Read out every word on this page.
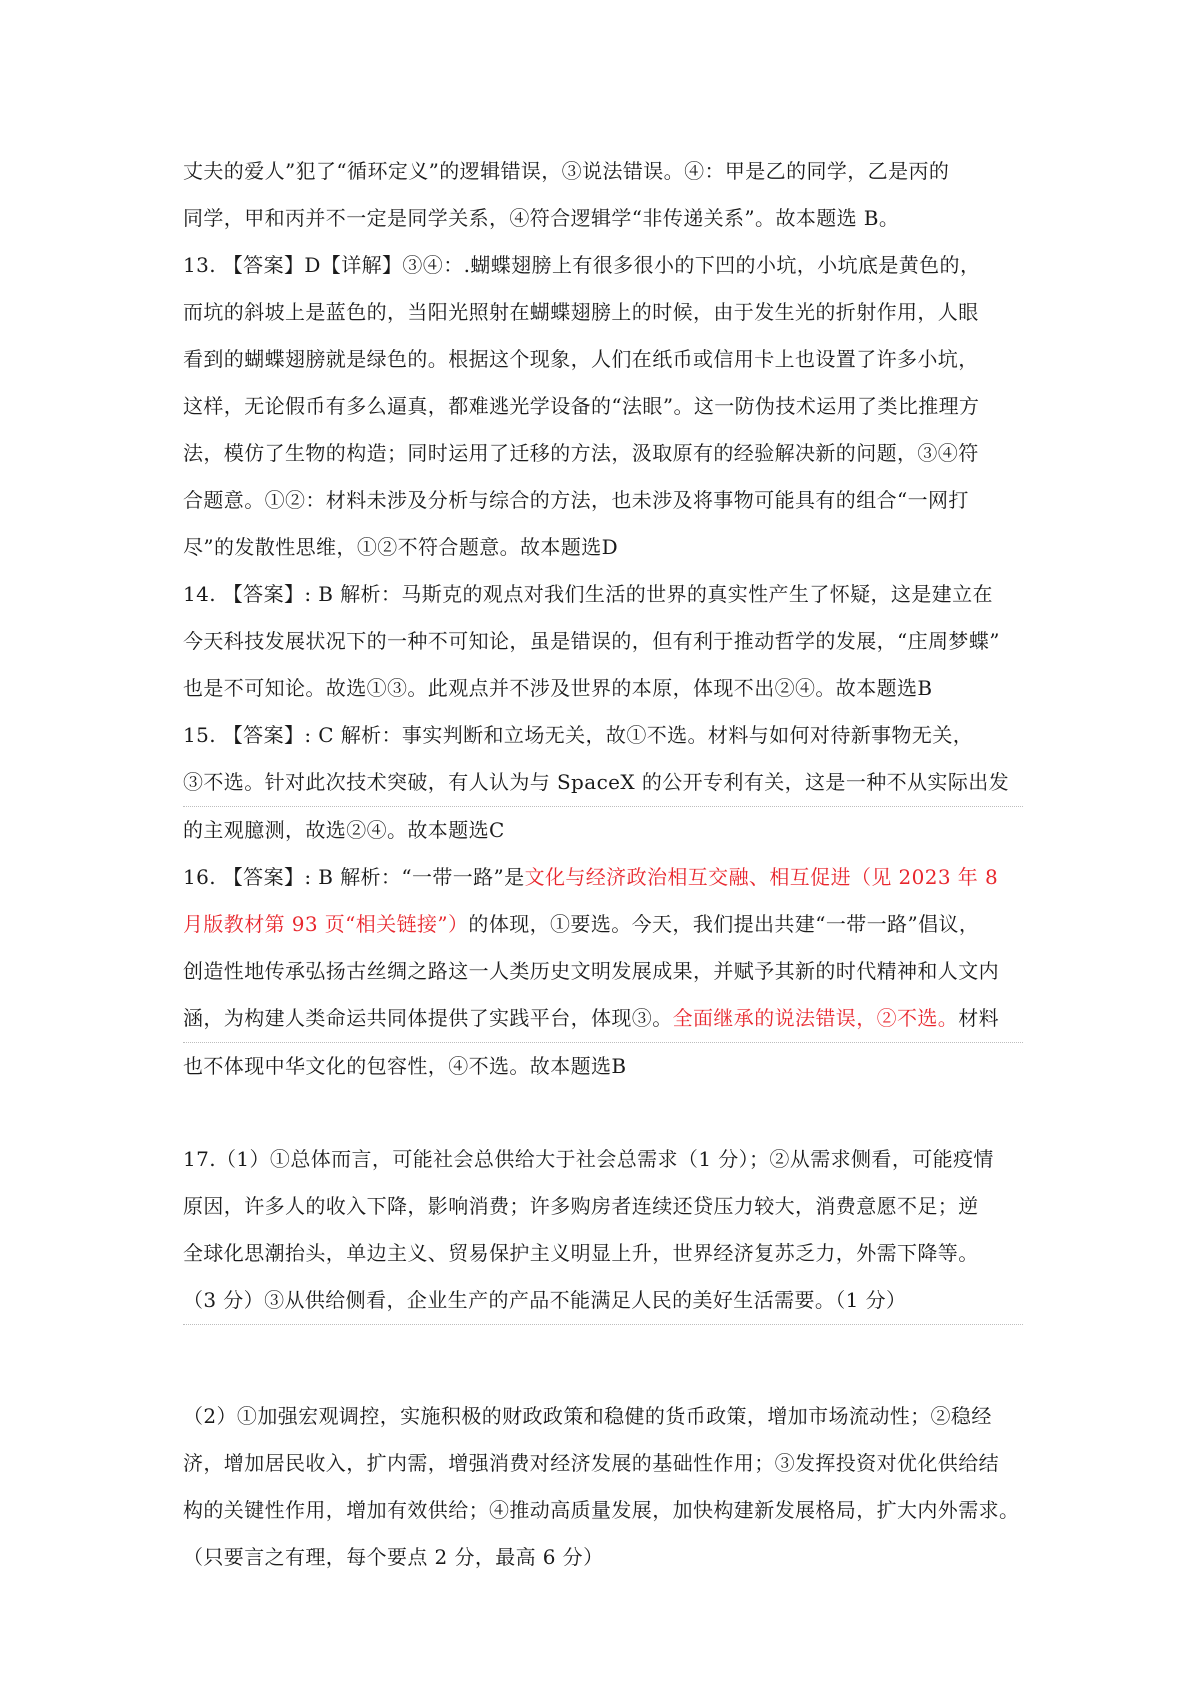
丈夫的爱人”犯了“循环定义”的逻辑错误，③说法错误。④：甲是乙的同学，乙是丙的
同学，甲和丙并不一定是同学关系，④符合逻辑学“非传递关系”。故本题选 B。
13. 【答案】D【详解】③④：.蝴蝶翅膀上有很多很小的下凹的小坑，小坑底是黄色的，
而坑的斜坡上是蓝色的，当阳光照射在蝴蝶翅膀上的时候，由于发生光的折射作用，人眼
看到的蝴蝶翅膀就是绿色的。根据这个现象，人们在纸币或信用卡上也设置了许多小坑，
这样，无论假币有多么逼真，都难逃光学设备的“法眼”。这一防伪技术运用了类比推理方
法，模仿了生物的构造；同时运用了迁移的方法，汲取原有的经验解决新的问题，③④符
合题意。①②：材料未涉及分析与综合的方法，也未涉及将事物可能具有的组合“一网打
尽”的发散性思维，①②不符合题意。故本题选D
14. 【答案】: B 解析：马斯克的观点对我们生活的世界的真实性产生了怀疑，这是建立在
今天科技发展状况下的一种不可知论，虽是错误的，但有利于推动哲学的发展，“庄周梦蝶”
也是不可知论。故选①③。此观点并不涉及世界的本原，体现不出②④。故本题选B
15. 【答案】: C 解析：事实判断和立场无关，故①不选。材料与如何对待新事物无关，
③不选。针对此次技术突破，有人认为与 SpaceX 的公开专利有关，这是一种不从实际出发
的主观臆测，故选②④。故本题选C
16. 【答案】: B 解析：“一带一路”是文化与经济政治相互交融、相互促进（见 2023 年 8
月版教材第 93 页“相关链接”）的体现，①要选。今天，我们提出共建“一带一路”倡议，
创造性地传承弘扬古丝绸之路这一人类历史文明发展成果，并赋予其新的时代精神和人文内
涵，为构建人类命运共同体提供了实践平台，体现③。全面继承的说法错误，②不选。材料
也不体现中华文化的包容性，④不选。故本题选B
17.（1）①总体而言，可能社会总供给大于社会总需求（1 分）；②从需求侧看，可能疫情
原因，许多人的收入下降，影响消费；许多购房者连续还贷压力较大，消费意愿不足；逆
全球化思潮抬头，单边主义、贸易保护主义明显上升，世界经济复苏乏力，外需下降等。
（3 分）③从供给侧看，企业生产的产品不能满足人民的美好生活需要。（1 分）
（2）①加强宏观调控，实施积极的财政政策和稳健的货币政策，增加市场流动性；②稳经
济，增加居民收入，扩内需，增强消费对经济发展的基础性作用；③发挥投资对优化供给结
构的关键性作用，增加有效供给；④推动高质量发展，加快构建新发展格局，扩大内外需求。
（只要言之有理，每个要点 2 分，最高 6 分）
